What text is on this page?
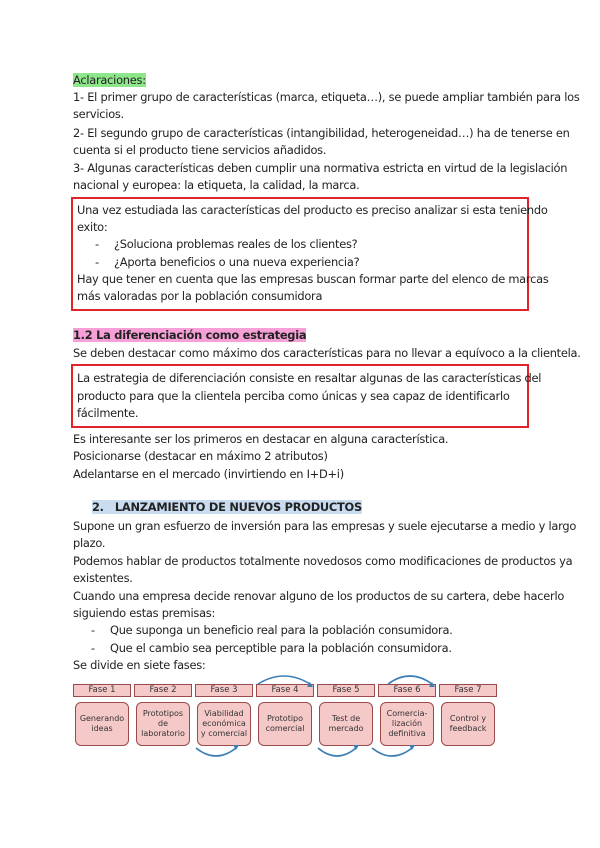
Aclaraciones:
1- El primer grupo de características (marca, etiqueta…), se puede ampliar también para los
servicios.
2- El segundo grupo de características (intangibilidad, heterogeneidad…) ha de tenerse en
cuenta si el producto tiene servicios añadidos.
3- Algunas características deben cumplir una normativa estricta en virtud de la legislación
nacional y europea: la etiqueta, la calidad, la marca.
Una vez estudiada las características del producto es preciso analizar si esta teniendo
exito:
- ¿Soluciona problemas reales de los clientes?
- ¿Aporta beneficios o una nueva experiencia?
Hay que tener en cuenta que las empresas buscan formar parte del elenco de marcas
más valoradas por la población consumidora
1.2 La diferenciación como estrategia
Se deben destacar como máximo dos características para no llevar a equívoco a la clientela.
La estrategia de diferenciación consiste en resaltar algunas de las características del
producto para que la clientela perciba como únicas y sea capaz de identificarlo
fácilmente.
Es interesante ser los primeros en destacar en alguna característica.
Posicionarse (destacar en máximo 2 atributos)
Adelantarse en el mercado (invirtiendo en I+D+i)
2. LANZAMIENTO DE NUEVOS PRODUCTOS
Supone un gran esfuerzo de inversión para las empresas y suele ejecutarse a medio y largo
plazo.
Podemos hablar de productos totalmente novedosos como modificaciones de productos ya
existentes.
Cuando una empresa decide renovar alguno de los productos de su cartera, debe hacerlo
siguiendo estas premisas:
- Que suponga un beneficio real para la población consumidora.
- Que el cambio sea perceptible para la población consumidora.
Se divide en siete fases:
Fase 1
Generando ideas
Fase 2
Prototipos de laboratorio
Fase 3
Viabilidad económica y comercial
Fase 4
Prototipo comercial
Fase 5
Test de mercado
Fase 6
Comercia-lización definitiva
Fase 7
Control y feedback
